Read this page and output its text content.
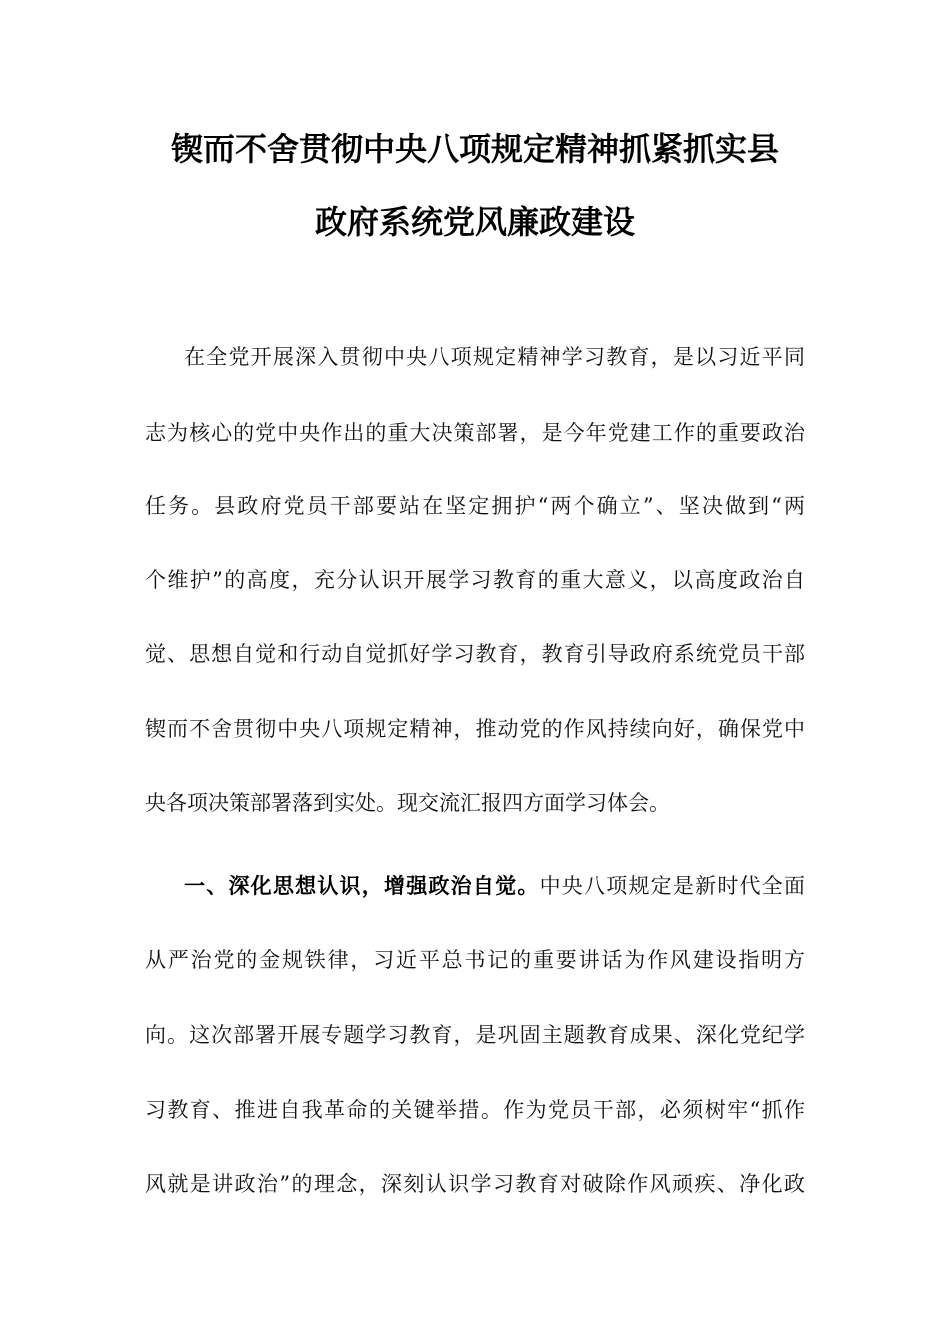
锲而不舍贯彻中央八项规定精神抓紧抓实县
政府系统党风廉政建设
在全党开展深入贯彻中央八项规定精神学习教育，是以习近平同
志为核心的党中央作出的重大决策部署，是今年党建工作的重要政治
任务。县政府党员干部要站在坚定拥护“两个确立”、坚决做到“两
个维护”的高度，充分认识开展学习教育的重大意义，以高度政治自
觉、思想自觉和行动自觉抓好学习教育，教育引导政府系统党员干部
锲而不舍贯彻中央八项规定精神，推动党的作风持续向好，确保党中
央各项决策部署落到实处。现交流汇报四方面学习体会。
一、深化思想认识，增强政治自觉。中央八项规定是新时代全面
从严治党的金规铁律，习近平总书记的重要讲话为作风建设指明方
向。这次部署开展专题学习教育，是巩固主题教育成果、深化党纪学
习教育、推进自我革命的关键举措。作为党员干部，必须树牢“抓作
风就是讲政治”的理念，深刻认识学习教育对破除作风顽疾、净化政
